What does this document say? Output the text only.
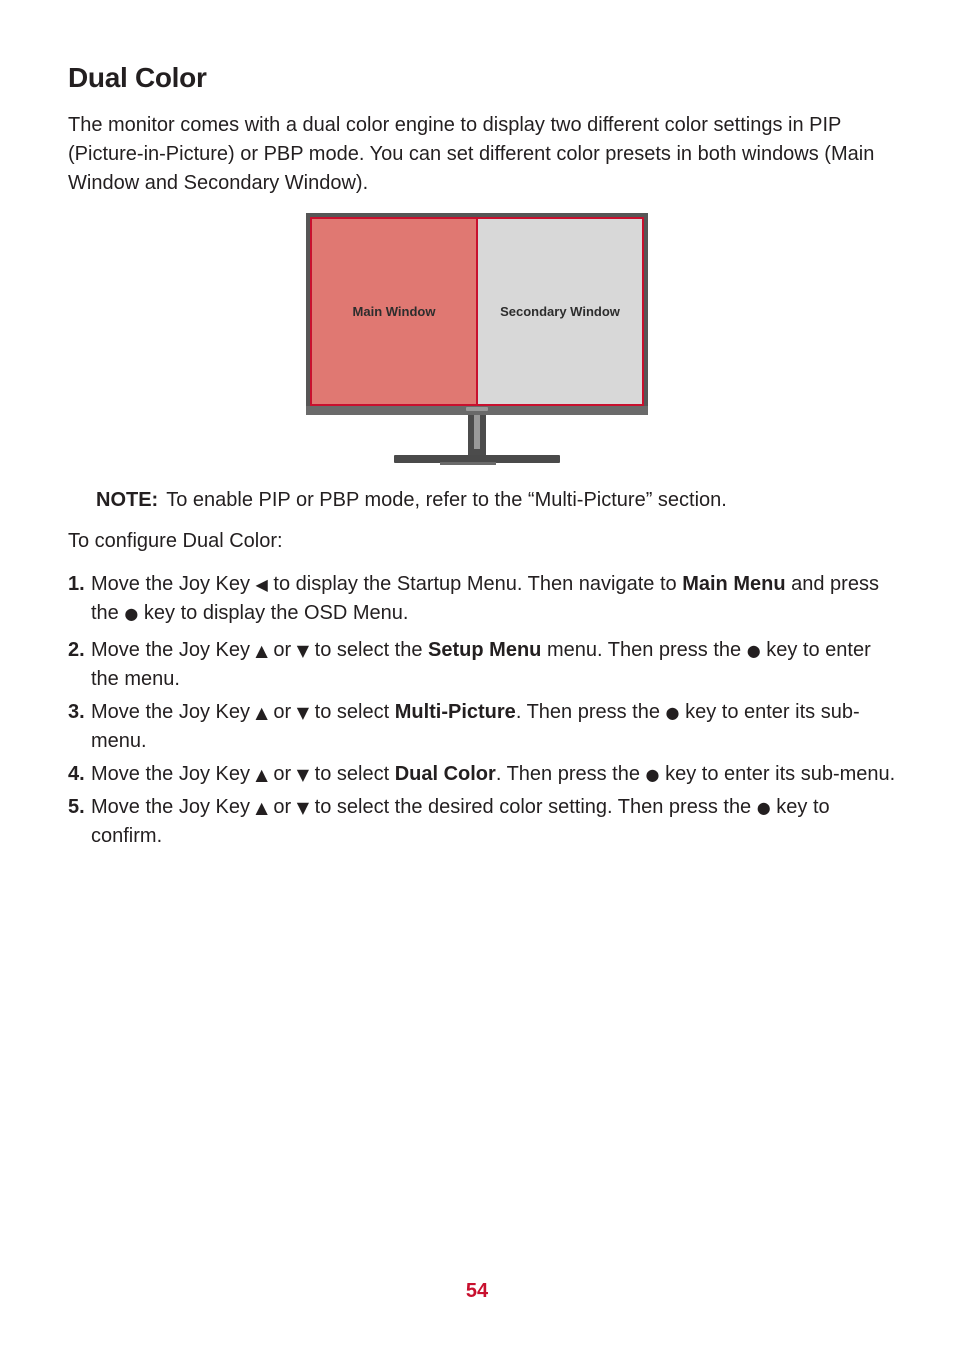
Dual Color

The monitor comes with a dual color engine to display two different color settings in PIP (Picture-in-Picture) or PBP mode. You can set different color presets in both windows (Main Window and Secondary Window).

Main Window	Secondary Window

NOTE: To enable PIP or PBP mode, refer to the “Multi-Picture” section.

To configure Dual Color:

1. Move the Joy Key ◀ to display the Startup Menu. Then navigate to Main Menu and press the ● key to display the OSD Menu.
2. Move the Joy Key ▲ or ▼ to select the Setup Menu menu. Then press the ● key to enter the menu.
3. Move the Joy Key ▲ or ▼ to select Multi-Picture. Then press the ● key to enter its sub-menu.
4. Move the Joy Key ▲ or ▼ to select Dual Color. Then press the ● key to enter its sub-menu.
5. Move the Joy Key ▲ or ▼ to select the desired color setting. Then press the ● key to confirm.
54
